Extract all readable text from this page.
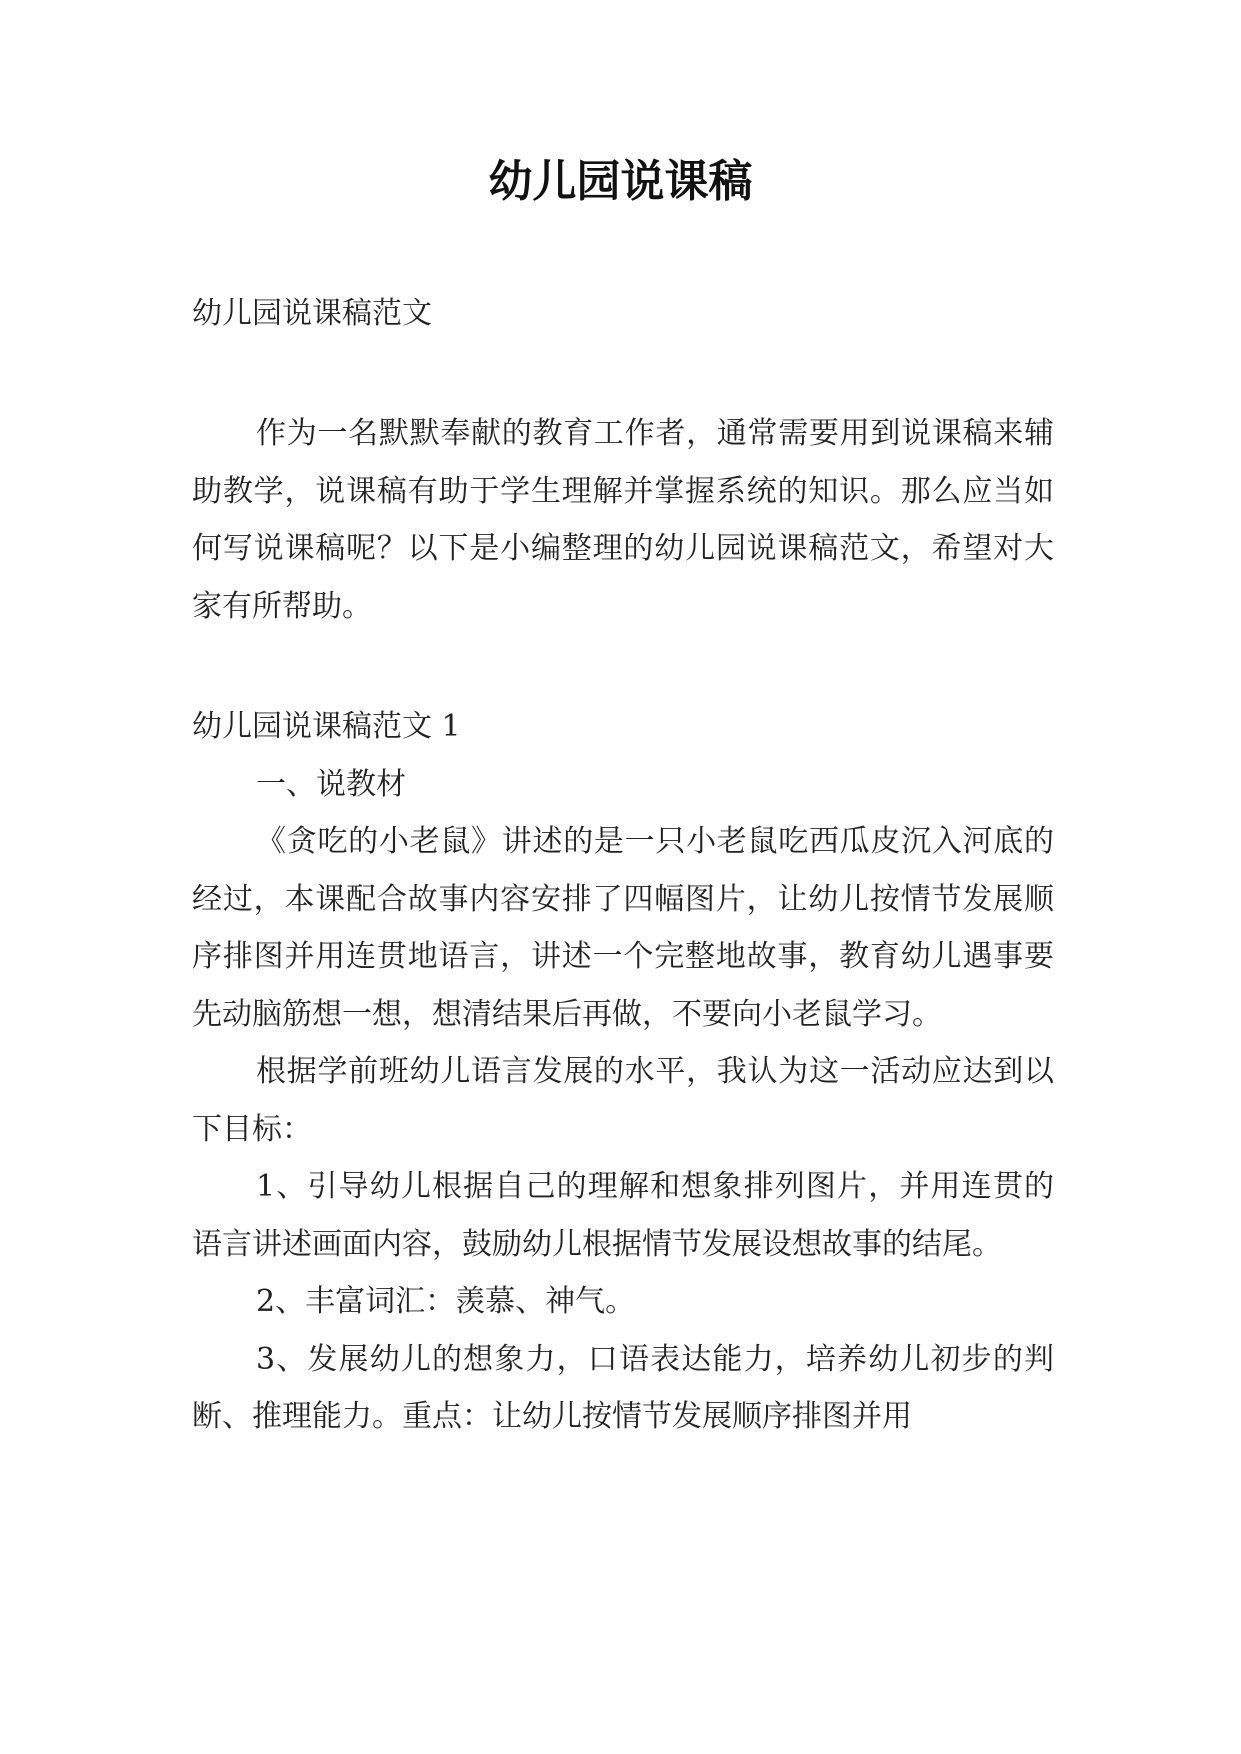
幼儿园说课稿
幼儿园说课稿范文

作为一名默默奉献的教育工作者，通常需要用到说课稿来辅助教学，说课稿有助于学生理解并掌握系统的知识。那么应当如何写说课稿呢？以下是小编整理的幼儿园说课稿范文，希望对大家有所帮助。

幼儿园说课稿范文 1

一、说教材

《贪吃的小老鼠》讲述的是一只小老鼠吃西瓜皮沉入河底的经过，本课配合故事内容安排了四幅图片，让幼儿按情节发展顺序排图并用连贯地语言，讲述一个完整地故事，教育幼儿遇事要先动脑筋想一想，想清结果后再做，不要向小老鼠学习。

根据学前班幼儿语言发展的水平，我认为这一活动应达到以下目标：

1、引导幼儿根据自己的理解和想象排列图片，并用连贯的语言讲述画面内容，鼓励幼儿根据情节发展设想故事的结尾。

2、丰富词汇：羡慕、神气。

3、发展幼儿的想象力，口语表达能力，培养幼儿初步的判断、推理能力。重点：让幼儿按情节发展顺序排图并用
